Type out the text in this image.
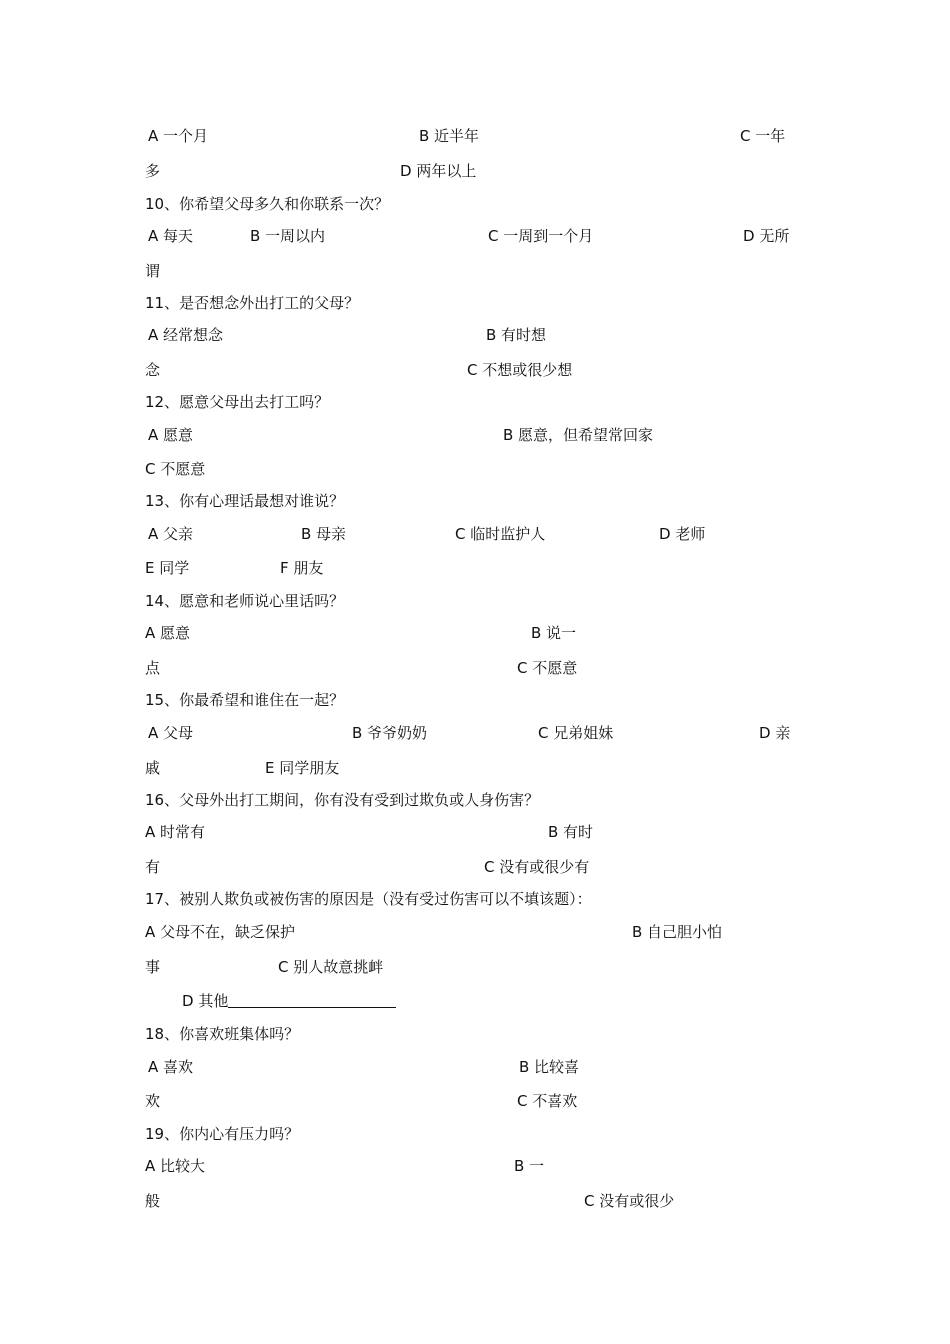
A 一个月	B 近半年	C 一年
多	D 两年以上
10、你希望父母多久和你联系一次？
A 每天	B 一周以内	C 一周到一个月	D 无所
谓
11、是否想念外出打工的父母？
A 经常想念	B 有时想
念	C 不想或很少想
12、愿意父母出去打工吗？
A 愿意	B 愿意，但希望常回家
C 不愿意
13、你有心理话最想对谁说？
A 父亲	B 母亲	C 临时监护人	D 老师
E 同学	F 朋友
14、愿意和老师说心里话吗？
A 愿意	B 说一
点	C 不愿意
15、你最希望和谁住在一起？
A 父母	B 爷爷奶奶	C 兄弟姐妹	D 亲
戚	E 同学朋友
16、父母外出打工期间，你有没有受到过欺负或人身伤害？
A 时常有	B 有时
有	C 没有或很少有
17、被别人欺负或被伤害的原因是（没有受过伤害可以不填该题）：
A 父母不在，缺乏保护	B 自己胆小怕
事	C 别人故意挑衅
D 其他
18、你喜欢班集体吗？
A 喜欢	B 比较喜
欢	C 不喜欢
19、你内心有压力吗？
A 比较大	B 一
般	C 没有或很少
